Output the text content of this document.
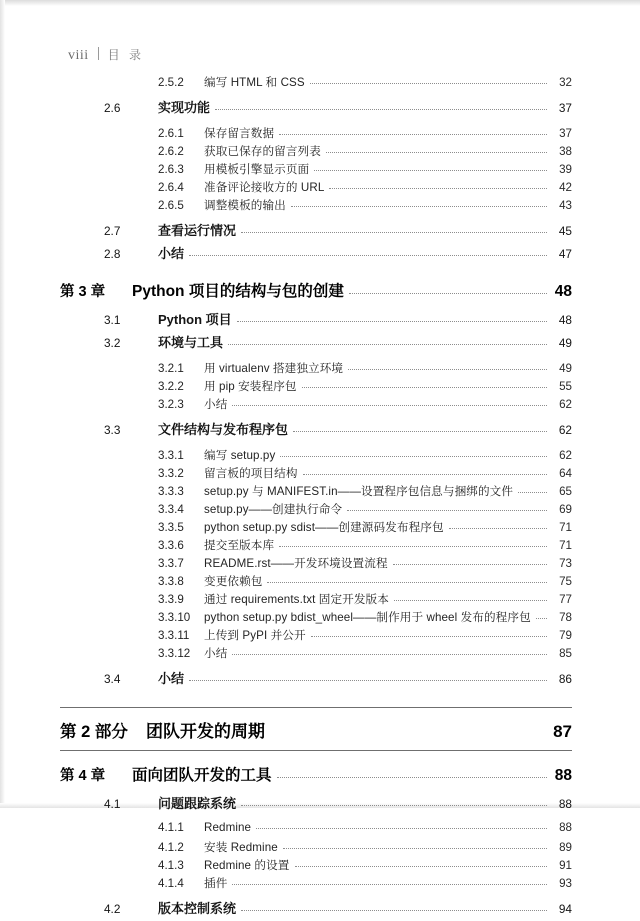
viii 目 录
2.5.2	编写 HTML 和 CSS	32
2.6	实现功能	37
2.6.1	保存留言数据	37
2.6.2	获取已保存的留言列表	38
2.6.3	用模板引擎显示页面	39
2.6.4	准备评论接收方的 URL	42
2.6.5	调整模板的输出	43
2.7	查看运行情况	45
2.8	小结	47
第 3 章	Python 项目的结构与包的创建	48
3.1	Python 项目	48
3.2	环境与工具	49
3.2.1	用 virtualenv 搭建独立环境	49
3.2.2	用 pip 安装程序包	55
3.2.3	小结	62
3.3	文件结构与发布程序包	62
3.3.1	编写 setup.py	62
3.3.2	留言板的项目结构	64
3.3.3	setup.py 与 MANIFEST.in——设置程序包信息与捆绑的文件	65
3.3.4	setup.py——创建执行命令	69
3.3.5	python setup.py sdist——创建源码发布程序包	71
3.3.6	提交至版本库	71
3.3.7	README.rst——开发环境设置流程	73
3.3.8	变更依赖包	75
3.3.9	通过 requirements.txt 固定开发版本	77
3.3.10	python setup.py bdist_wheel——制作用于 wheel 发布的程序包	78
3.3.11	上传到 PyPI 并公开	79
3.3.12	小结	85
3.4	小结	86
第 2 部分	团队开发的周期	87
第 4 章	面向团队开发的工具	88
4.1	问题跟踪系统	88
4.1.1	Redmine	88
4.1.2	安装 Redmine	89
4.1.3	Redmine 的设置	91
4.1.4	插件	93
4.2	版本控制系统	94
